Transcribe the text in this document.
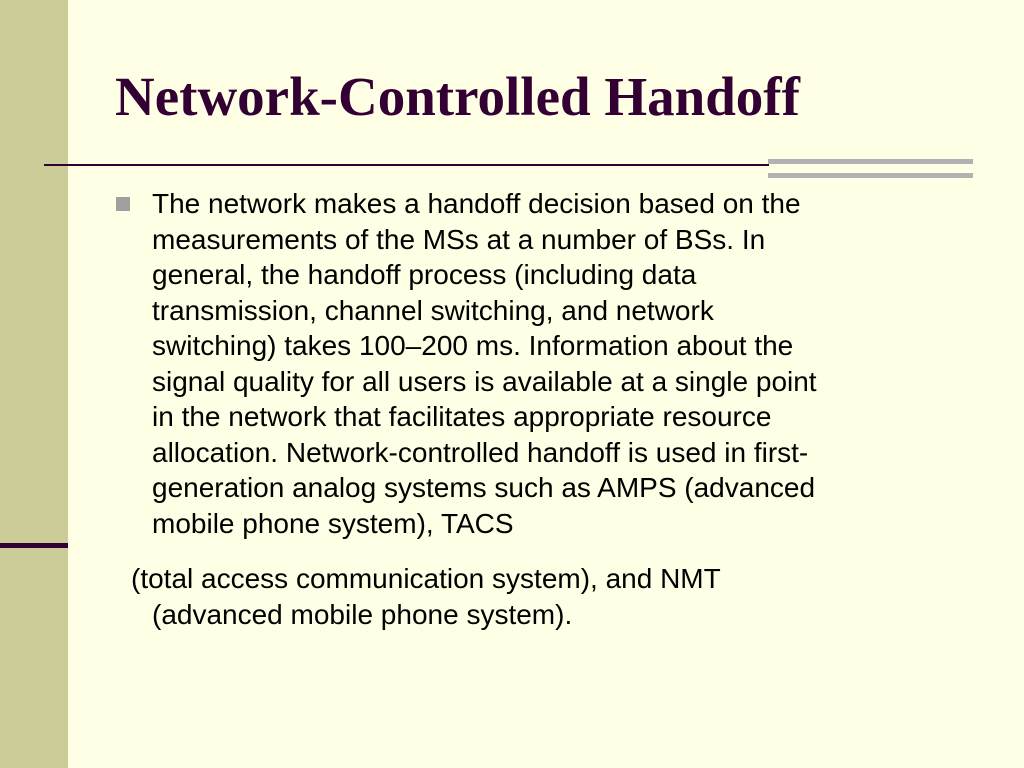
Network-Controlled Handoff

The network makes a handoff decision based on the
measurements of the MSs at a number of BSs. In
general, the handoff process (including data
transmission, channel switching, and network
switching) takes 100–200 ms. Information about the
signal quality for all users is available at a single point
in the network that facilitates appropriate resource
allocation. Network-controlled handoff is used in first-
generation analog systems such as AMPS (advanced
mobile phone system), TACS

(total access communication system), and NMT
(advanced mobile phone system).
